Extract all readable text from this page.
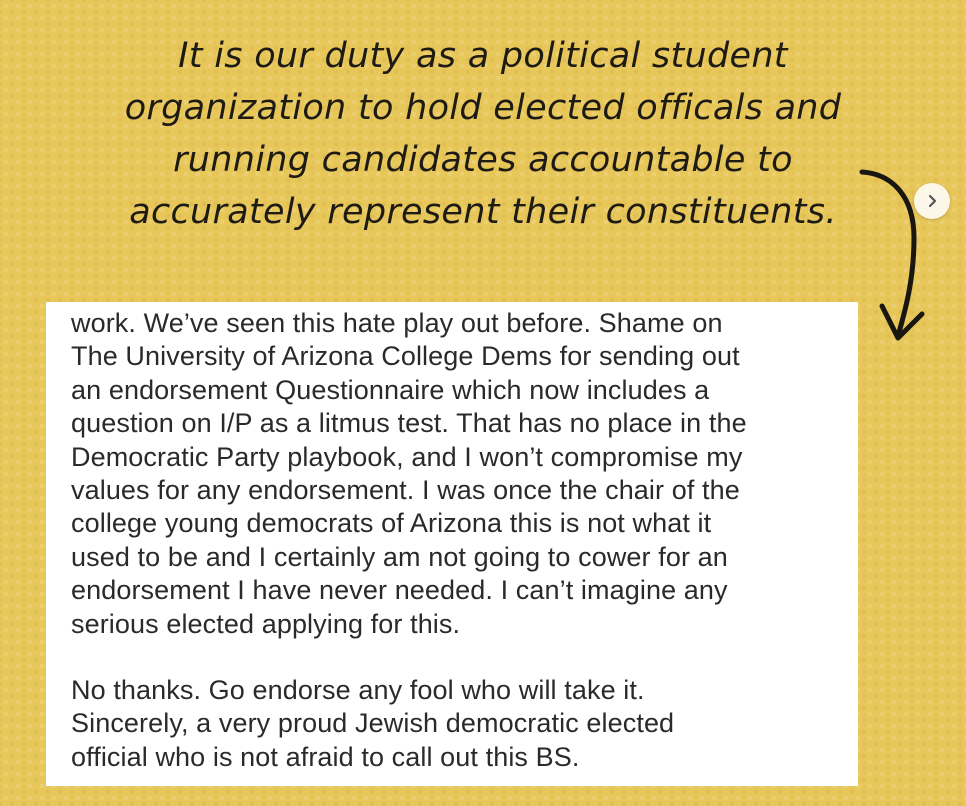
It is our duty as a political student
organization to hold elected officals and
running candidates accountable to
accurately represent their constituents.

work. We’ve seen this hate play out before. Shame on
The University of Arizona College Dems for sending out
an endorsement Questionnaire which now includes a
question on I/P as a litmus test. That has no place in the
Democratic Party playbook, and I won’t compromise my
values for any endorsement. I was once the chair of the
college young democrats of Arizona this is not what it
used to be and I certainly am not going to cower for an
endorsement I have never needed. I can’t imagine any
serious elected applying for this.

No thanks. Go endorse any fool who will take it.
Sincerely, a very proud Jewish democratic elected
official who is not afraid to call out this BS.
